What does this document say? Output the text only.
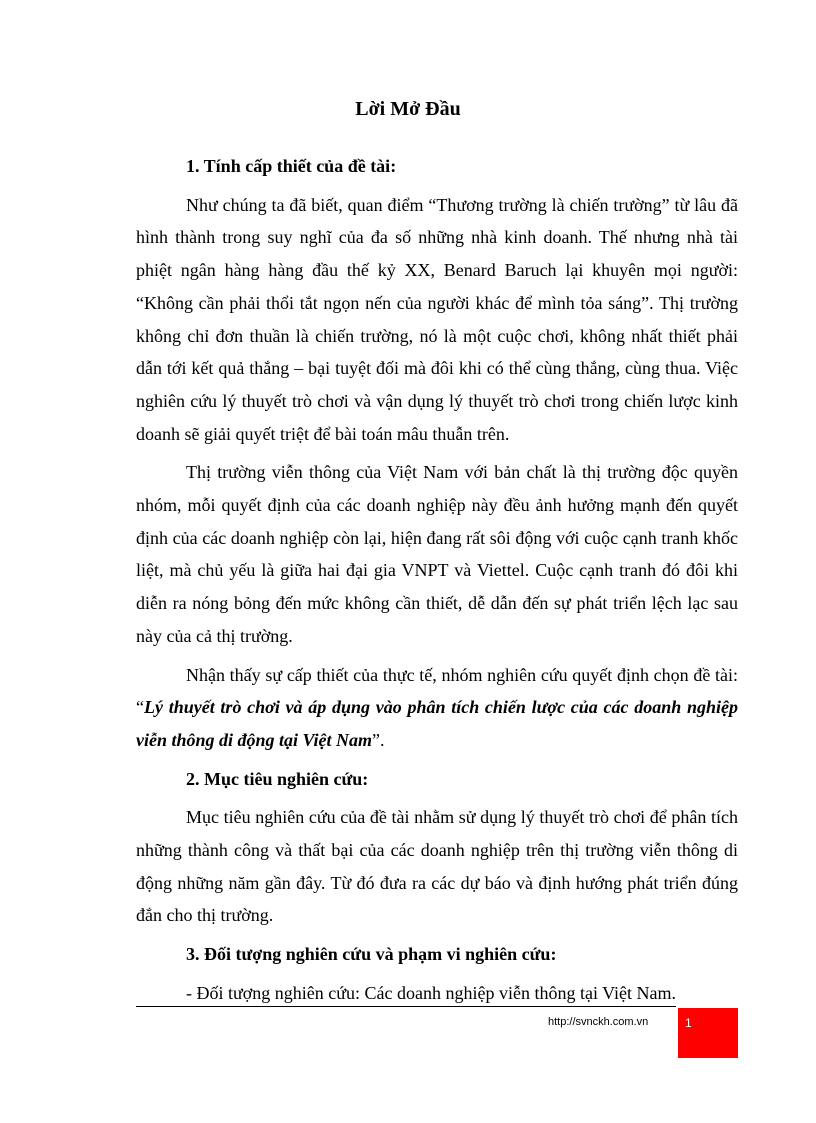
Lời Mở Đầu

1. Tính cấp thiết của đề tài:

Như chúng ta đã biết, quan điểm “Thương trường là chiến trường” từ lâu đã hình thành trong suy nghĩ của đa số những nhà kinh doanh. Thế nhưng nhà tài phiệt ngân hàng hàng đầu thế kỷ XX, Benard Baruch lại khuyên mọi người: “Không cần phải thổi tắt ngọn nến của người khác để mình tỏa sáng”. Thị trường không chỉ đơn thuần là chiến trường, nó là một cuộc chơi, không nhất thiết phải dẫn tới kết quả thắng – bại tuyệt đối mà đôi khi có thể cùng thắng, cùng thua. Việc nghiên cứu lý thuyết trò chơi và vận dụng lý thuyết trò chơi trong chiến lược kinh doanh sẽ giải quyết triệt để bài toán mâu thuẫn trên.

Thị trường viễn thông của Việt Nam với bản chất là thị trường độc quyền nhóm, mỗi quyết định của các doanh nghiệp này đều ảnh hưởng mạnh đến quyết định của các doanh nghiệp còn lại, hiện đang rất sôi động với cuộc cạnh tranh khốc liệt, mà chủ yếu là giữa hai đại gia VNPT và Viettel. Cuộc cạnh tranh đó đôi khi diễn ra nóng bỏng đến mức không cần thiết, dễ dẫn đến sự phát triển lệch lạc sau này của cả thị trường.

Nhận thấy sự cấp thiết của thực tế, nhóm nghiên cứu quyết định chọn đề tài: “Lý thuyết trò chơi và áp dụng vào phân tích chiến lược của các doanh nghiệp viễn thông di động tại Việt Nam”.

2. Mục tiêu nghiên cứu:

Mục tiêu nghiên cứu của đề tài nhằm sử dụng lý thuyết trò chơi để phân tích những thành công và thất bại của các doanh nghiệp trên thị trường viễn thông di động những năm gần đây. Từ đó đưa ra các dự báo và định hướng phát triển đúng đắn cho thị trường.

3. Đối tượng nghiên cứu và phạm vi nghiên cứu:

- Đối tượng nghiên cứu: Các doanh nghiệp viễn thông tại Việt Nam.

http://svnckh.com.vn	1
